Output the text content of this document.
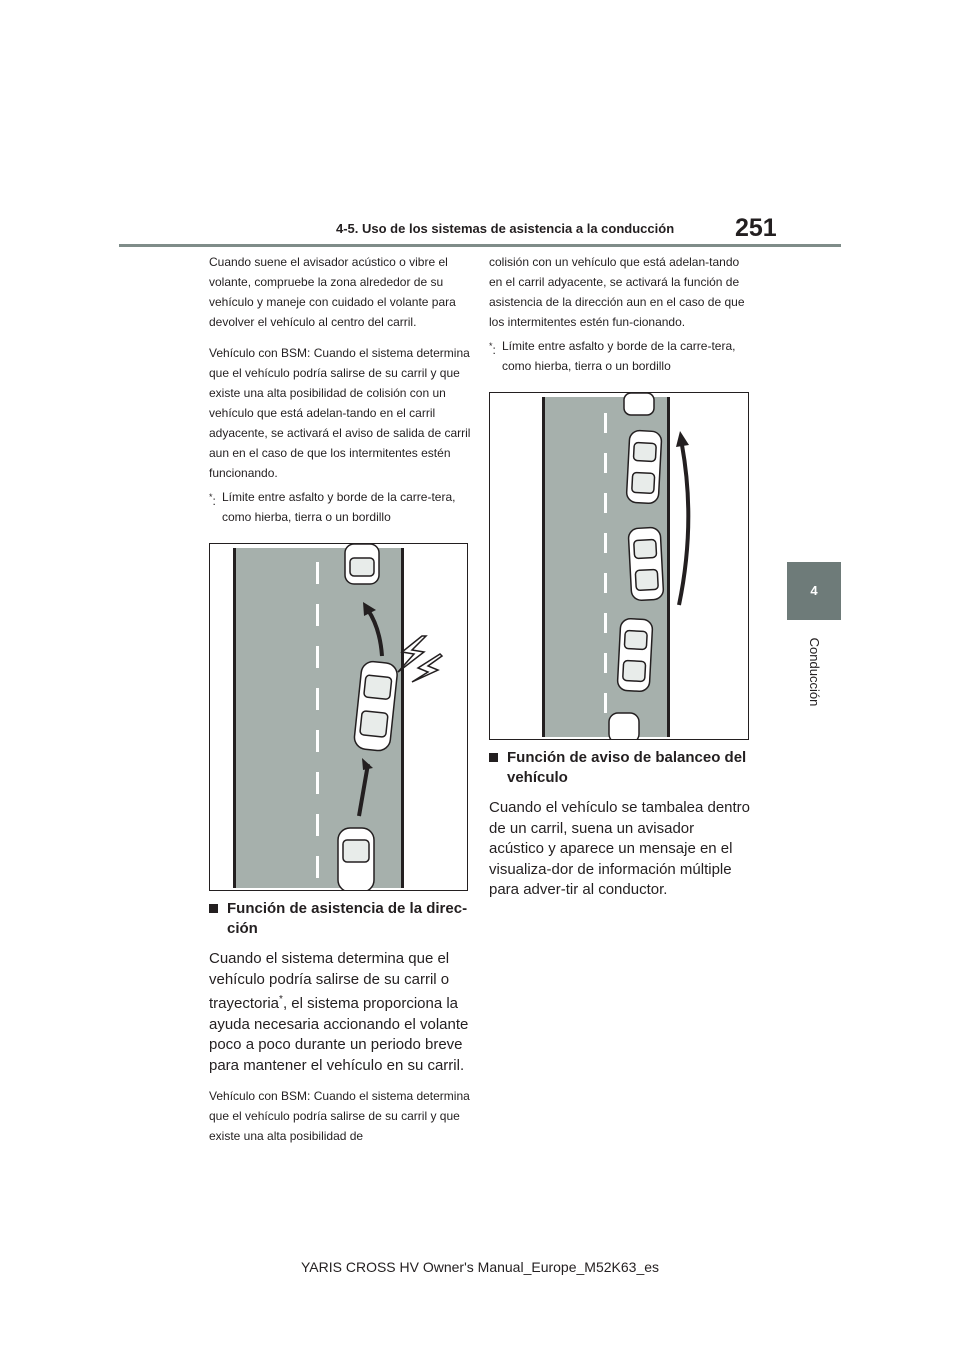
4-5. Uso de los sistemas de asistencia a la conducción	251
4
Conducción

Cuando suene el avisador acústico o vibre el volante, compruebe la zona alrededor de su vehículo y maneje con cuidado el volante para devolver el vehículo al centro del carril.

Vehículo con BSM: Cuando el sistema determina que el vehículo podría salirse de su carril y que existe una alta posibilidad de colisión con un vehículo que está adelan-tando en el carril adyacente, se activará el aviso de salida de carril aun en el caso de que los intermitentes estén funcionando.

*: Límite entre asfalto y borde de la carre-tera, como hierba, tierra o un bordillo
Función de asistencia de la direc-ción

Cuando el sistema determina que el vehículo podría salirse de su carril o trayectoria*, el sistema proporciona la ayuda necesaria accionando el volante poco a poco durante un periodo breve para mantener el vehículo en su carril.

Vehículo con BSM: Cuando el sistema determina que el vehículo podría salirse de su carril y que existe una alta posibilidad de

colisión con un vehículo que está adelan-tando en el carril adyacente, se activará la función de asistencia de la dirección aun en el caso de que los intermitentes estén fun-cionando.

*: Límite entre asfalto y borde de la carre-tera, como hierba, tierra o un bordillo
Función de aviso de balanceo del vehículo

Cuando el vehículo se tambalea dentro de un carril, suena un avisador acústico y aparece un mensaje en el visualiza-dor de información múltiple para adver-tir al conductor.

YARIS CROSS HV Owner's Manual_Europe_M52K63_es
